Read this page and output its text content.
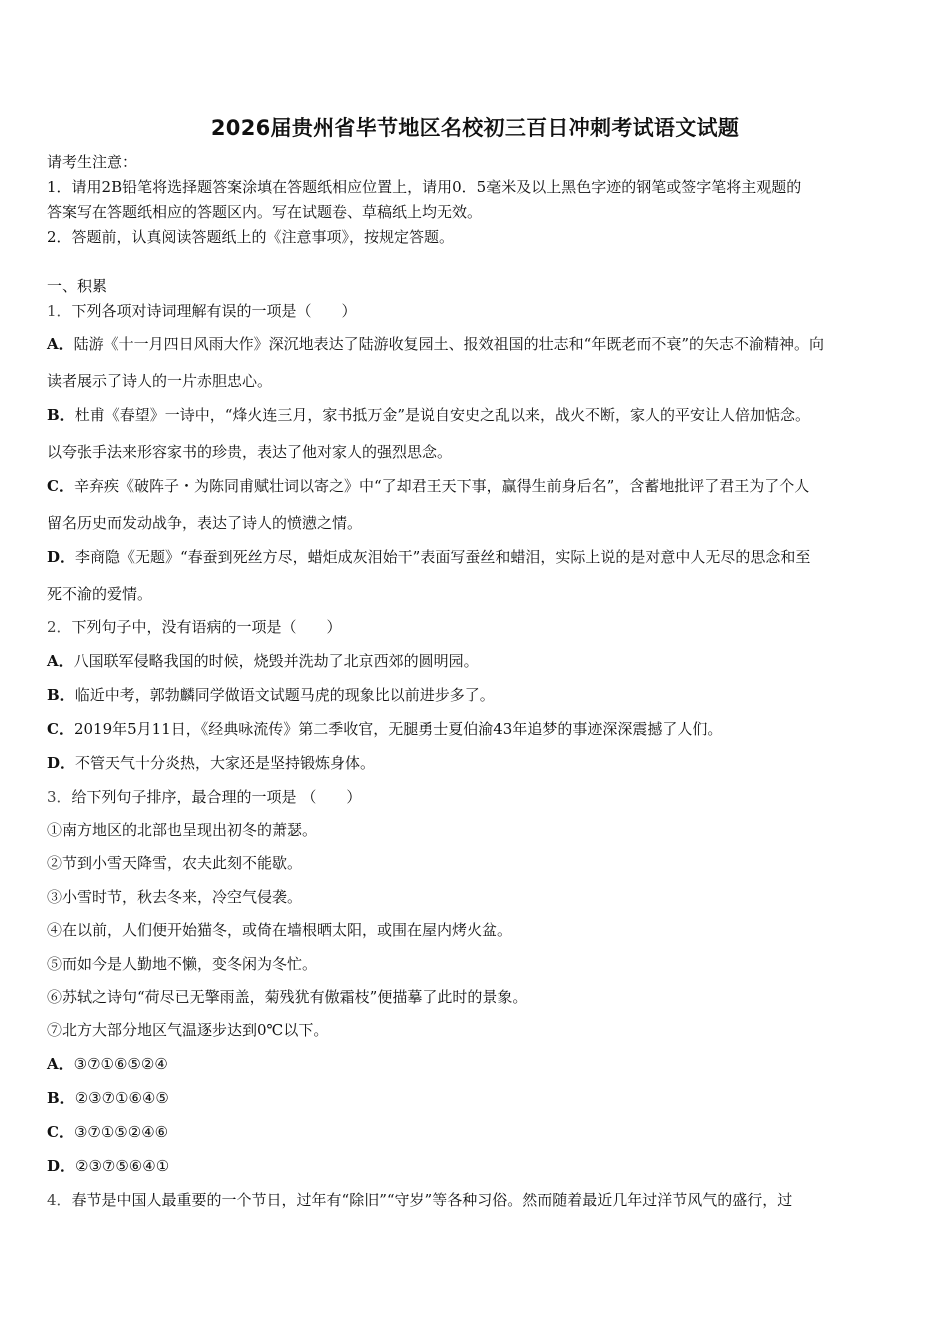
2026届贵州省毕节地区名校初三百日冲刺考试语文试题
请考生注意：
1．请用2B铅笔将选择题答案涂填在答题纸相应位置上，请用0．5毫米及以上黑色字迹的钢笔或签字笔将主观题的
答案写在答题纸相应的答题区内。写在试题卷、草稿纸上均无效。
2．答题前，认真阅读答题纸上的《注意事项》，按规定答题。
一、积累
1．下列各项对诗词理解有误的一项是（　　）
A．陆游《十一月四日风雨大作》深沉地表达了陆游收复园土、报效祖国的壮志和“年既老而不衰”的矢志不渝精神。向
读者展示了诗人的一片赤胆忠心。
B．杜甫《春望》一诗中，“烽火连三月，家书抵万金”是说自安史之乱以来，战火不断，家人的平安让人倍加惦念。
以夸张手法来形容家书的珍贵，表达了他对家人的强烈思念。
C．辛弃疾《破阵子・为陈同甫赋壮词以寄之》中“了却君王天下事，赢得生前身后名”，含蓄地批评了君王为了个人
留名历史而发动战争，表达了诗人的愤懑之情。
D．李商隐《无题》“春蚕到死丝方尽，蜡炬成灰泪始干”表面写蚕丝和蜡泪，实际上说的是对意中人无尽的思念和至
死不渝的爱情。
2．下列句子中，没有语病的一项是（　　）
A．八国联军侵略我国的时候，烧毁并洗劫了北京西郊的圆明园。
B．临近中考，郭勃麟同学做语文试题马虎的现象比以前进步多了。
C．2019年5月11日，《经典咏流传》第二季收官，无腿勇士夏伯渝43年追梦的事迹深深震撼了人们。
D．不管天气十分炎热，大家还是坚持锻炼身体。
3．给下列句子排序，最合理的一项是 （　　）
①南方地区的北部也呈现出初冬的萧瑟。
②节到小雪天降雪，农夫此刻不能歇。
③小雪时节，秋去冬来，冷空气侵袭。
④在以前，人们便开始猫冬，或倚在墙根晒太阳，或围在屋内烤火盆。
⑤而如今是人勤地不懒，变冬闲为冬忙。
⑥苏轼之诗句“荷尽已无擎雨盖，菊残犹有傲霜枝”便描摹了此时的景象。
⑦北方大部分地区气温逐步达到0℃以下。
A．③⑦①⑥⑤②④
B．②③⑦①⑥④⑤
C．③⑦①⑤②④⑥
D．②③⑦⑤⑥④①
4．春节是中国人最重要的一个节日，过年有“除旧”“守岁”等各种习俗。然而随着最近几年过洋节风气的盛行，过
